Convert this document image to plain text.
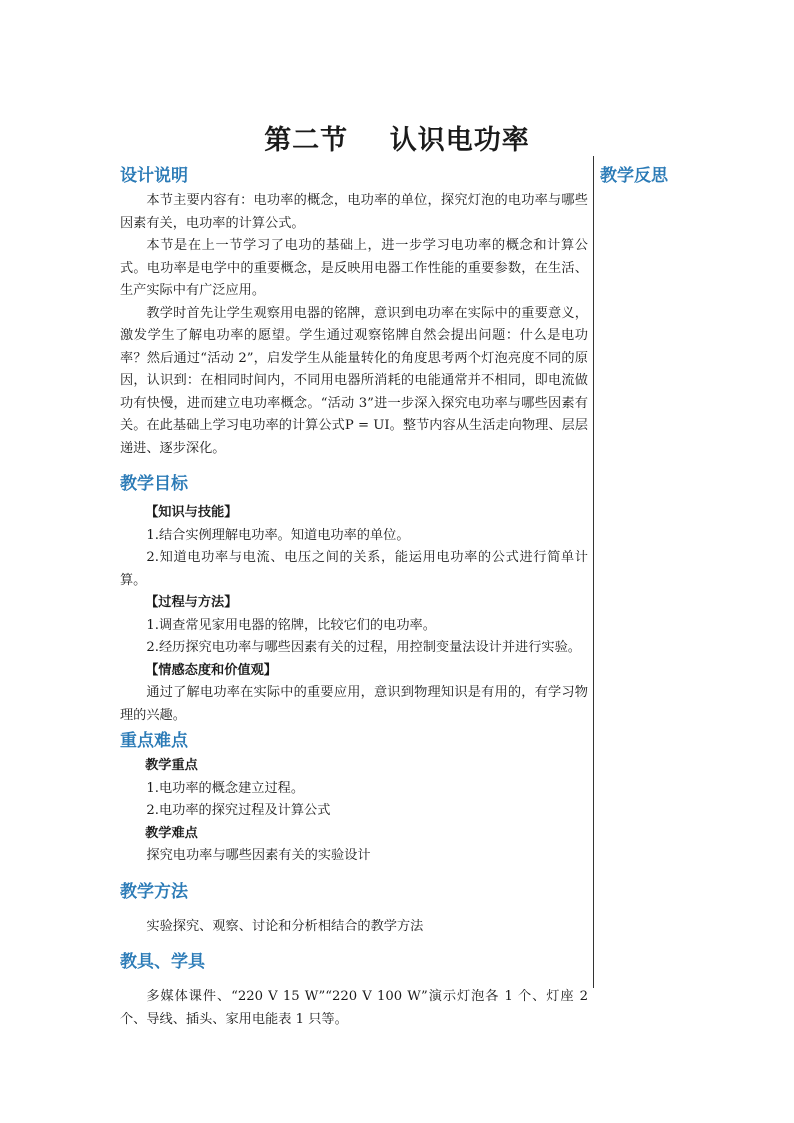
第二节    认识电功率

教学反思

设计说明

本节主要内容有：电功率的概念，电功率的单位，探究灯泡的电功率与哪些因素有关，电功率的计算公式。

本节是在上一节学习了电功的基础上，进一步学习电功率的概念和计算公式。电功率是电学中的重要概念，是反映用电器工作性能的重要参数，在生活、生产实际中有广泛应用。

教学时首先让学生观察用电器的铭牌，意识到电功率在实际中的重要意义，激发学生了解电功率的愿望。学生通过观察铭牌自然会提出问题：什么是电功率？然后通过“活动 2”，启发学生从能量转化的角度思考两个灯泡亮度不同的原因，认识到：在相同时间内，不同用电器所消耗的电能通常并不相同，即电流做功有快慢，进而建立电功率概念。“活动 3”进一步深入探究电功率与哪些因素有关。在此基础上学习电功率的计算公式P = UI。整节内容从生活走向物理、层层递进、逐步深化。

教学目标

【知识与技能】

1.结合实例理解电功率。知道电功率的单位。

2.知道电功率与电流、电压之间的关系，能运用电功率的公式进行简单计算。

【过程与方法】

1.调查常见家用电器的铭牌，比较它们的电功率。

2.经历探究电功率与哪些因素有关的过程，用控制变量法设计并进行实验。

【情感态度和价值观】

通过了解电功率在实际中的重要应用，意识到物理知识是有用的，有学习物理的兴趣。

重点难点

教学重点

1.电功率的概念建立过程。

2.电功率的探究过程及计算公式

教学难点

探究电功率与哪些因素有关的实验设计

教学方法

实验探究、观察、讨论和分析相结合的教学方法

教具、学具

多媒体课件、“220 V 15 W”“220 V 100 W”演示灯泡各 1 个、灯座 2 个、导线、插头、家用电能表 1 只等。
